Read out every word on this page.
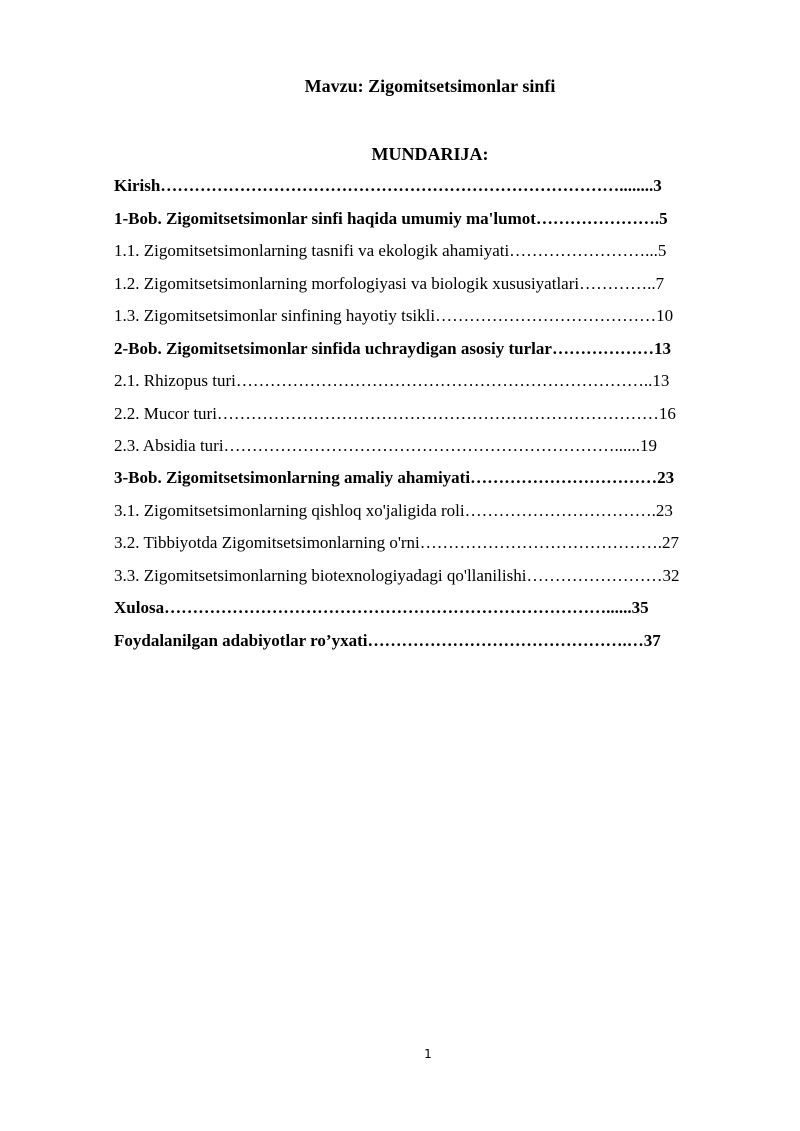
Mavzu: Zigomitsetsimonlar sinfi
MUNDARIJA:
Kirish………………………………………………………………………........3
1-Bob. Zigomitsetsimonlar sinfi haqida umumiy ma'lumot………………….5
1.1. Zigomitsetsimonlarning tasnifi va ekologik ahamiyati……………………...5
1.2. Zigomitsetsimonlarning morfologiyasi va biologik xususiyatlari…………..7
1.3. Zigomitsetsimonlar sinfining hayotiy tsikli…………………………………10
2-Bob. Zigomitsetsimonlar sinfida uchraydigan asosiy turlar………………13
2.1. Rhizopus turi………………………………………………………………..13
2.2. Mucor turi……………………………………………………………………16
2.3. Absidia turi……………………………………………………………......19
3-Bob. Zigomitsetsimonlarning amaliy ahamiyati……………………………23
3.1. Zigomitsetsimonlarning qishloq xo'jaligida roli…………………………….23
3.2. Tibbiyotda Zigomitsetsimonlarning o'rni…………………………………….27
3.3. Zigomitsetsimonlarning biotexnologiyadagi qo'llanilishi……………………32
Xulosa……………………………………………………………………......35
Foydalanilgan adabiyotlar ro’yxati……………………………………….…37
1
